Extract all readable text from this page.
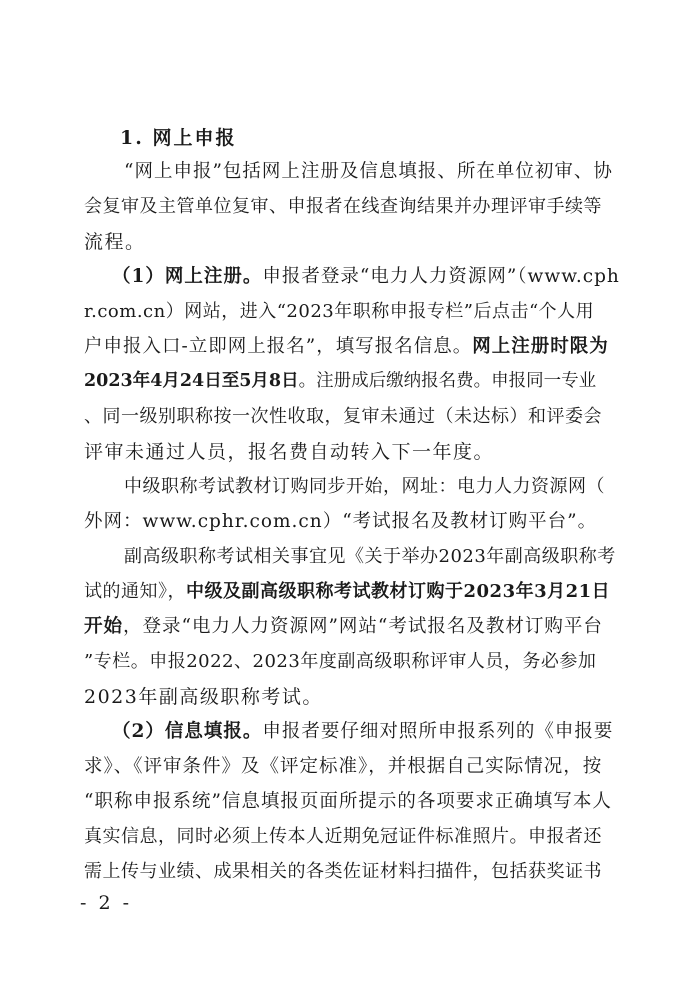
1. 网上申报
“网上申报”包括网上注册及信息填报、所在单位初审、协
会复审及主管单位复审、申报者在线查询结果并办理评审手续等
流程。
（1）网上注册。申报者登录“电力人力资源网”（www.cph
r.com.cn）网站，进入“2023年职称申报专栏”后点击“个人用
户申报入口-立即网上报名”，填写报名信息。网上注册时限为
2023年4月24日至5月8日。注册成后缴纳报名费。申报同一专业
、同一级别职称按一次性收取，复审未通过（未达标）和评委会
评审未通过人员，报名费自动转入下一年度。
中级职称考试教材订购同步开始，网址：电力人力资源网（
外网：www.cphr.com.cn）“考试报名及教材订购平台”。
副高级职称考试相关事宜见《关于举办2023年副高级职称考
试的通知》，中级及副高级职称考试教材订购于2023年3月21日
开始，登录“电力人力资源网”网站“考试报名及教材订购平台
”专栏。申报2022、2023年度副高级职称评审人员，务必参加
2023年副高级职称考试。
（2）信息填报。申报者要仔细对照所申报系列的《申报要
求》、《评审条件》及《评定标准》，并根据自己实际情况，按
“职称申报系统”信息填报页面所提示的各项要求正确填写本人
真实信息，同时必须上传本人近期免冠证件标准照片。申报者还
需上传与业绩、成果相关的各类佐证材料扫描件，包括获奖证书
- 2 -
